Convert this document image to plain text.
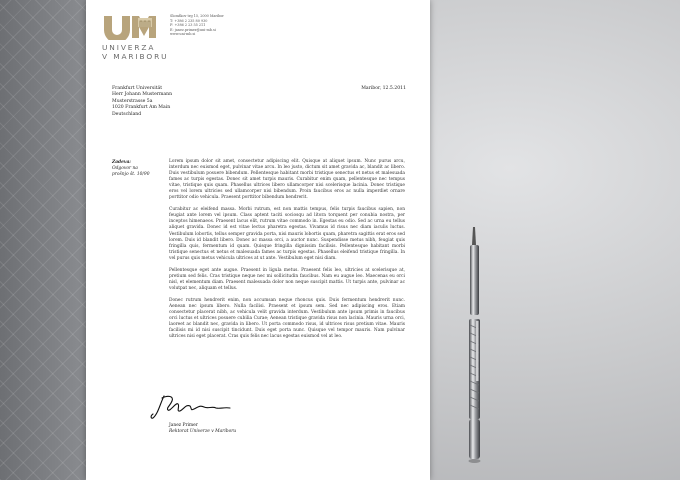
UNIVERZA
V MARIBORU
Slomškov trg 15, 2000 Maribor
T: +386 2 235 80 930
F: +386 2 23 55 211
E: janez.primer@uni-mb.si
www.uni-mb.si
Frankfurt Universität
Herr Johann Mustermann
Musterstrasse 5a
1020 Frankfurt Am Main
Deutschland
Maribor, 12.5.2011
Zadeva:
Odgovor na
prošnjo št. 10/90

Lorem ipsum dolor sit amet, consectetur adipiscing elit. Quisque at aliquet ipsum. Nunc purus arcu, interdum nec euismod eget, pulvinar vitae arcu. In leo justo, dictum sit amet gravida ac, blandit ac libero. Duis vestibulum posuere bibendum. Pellentesque habitant morbi tristique senectus et netus et malesuada fames ac turpis egestas. Donec sit amet turpis mauris. Curabitur enim quam, pellentesque nec tempus vitae, tristique quis quam. Phasellus ultrices libero ullamcorper nisi scelerisque lacinia. Donec tristique eros vel lorem ultricies sed ullamcorper nisi bibendum. Proin faucibus eros ac nulla imperdiet ornare porttitor odio vehicula. Praesent porttitor bibendum hendrerit.

Curabitur ac eleifend massa. Morbi rutrum, est non mattis tempus, felis turpis faucibus sapien, non feugiat ante lorem vel ipsum. Class aptent taciti sociosqu ad litora torquent per conubia nostra, per inceptos himenaeos. Praesent lacus elit, rutrum vitae commodo in. Egestas eu odio. Sed ac urna eu tellus aliquet gravida. Donec id est vitae lectus pharetra egestas. Vivamus id risus nec diam iaculis luctus. Vestibulum lobortis, tellus semper gravida porta, nisi mauris lobortis quam, pharetra sagittis erat eros sed lorem. Duis id blandit libero. Donec ac massa orci, a auctor nunc. Suspendisse metus nibh, feugiat quis fringilla quis, fermentum id quam. Quisque fringilla dignissim facilisis. Pellentesque habitant morbi tristique senectus et netus et malesuada fames ac turpis egestas. Phasellus eleifend tristique fringilla. In vel purus quis metus vehicula ultrices at ut ante. Vestibulum eget nisi diam.

Pellentesque eget ante augue. Praesent in ligula metus. Praesent felis leo, ultricies at scelerisque at, pretium sed felis. Cras tristique neque nec mi sollicitudin faucibus. Nam eu augue leo. Maecenas eu orci nisl, et elementum diam. Praesent malesuada dolor non neque suscipit mattis. Ut turpis ante, pulvinar ac volutpat nec, aliquam et tellus.

Donec rutrum hendrerit enim, non accumsan neque rhoncus quis. Duis fermentum hendrerit nunc. Aenean nec ipsum libero. Nulla facilisi. Praesent et ipsum sem. Sed nec adipiscing eros. Etiam consectetur placerat nibh, ac vehicula velit gravida interdum. Vestibulum ante ipsum primis in faucibus orci luctus et ultrices posuere cubilia Curae; Aenean tristique gravida risus non lacinia. Mauris urna orci, laoreet ac blandit nec, gravida in libero. Ut porta commodo risus, id ultrices risus pretium vitae. Mauris facilisis mi id nisi suscipit tincidunt. Duis eget porta nunc. Quisque vel tempor mauris. Nam pulvinar ultrices nisi eget placerat. Cras quis felis nec lacus egestas euismod vel at leo.

Janez Primer
Rektorat Univerze v Mariboru
